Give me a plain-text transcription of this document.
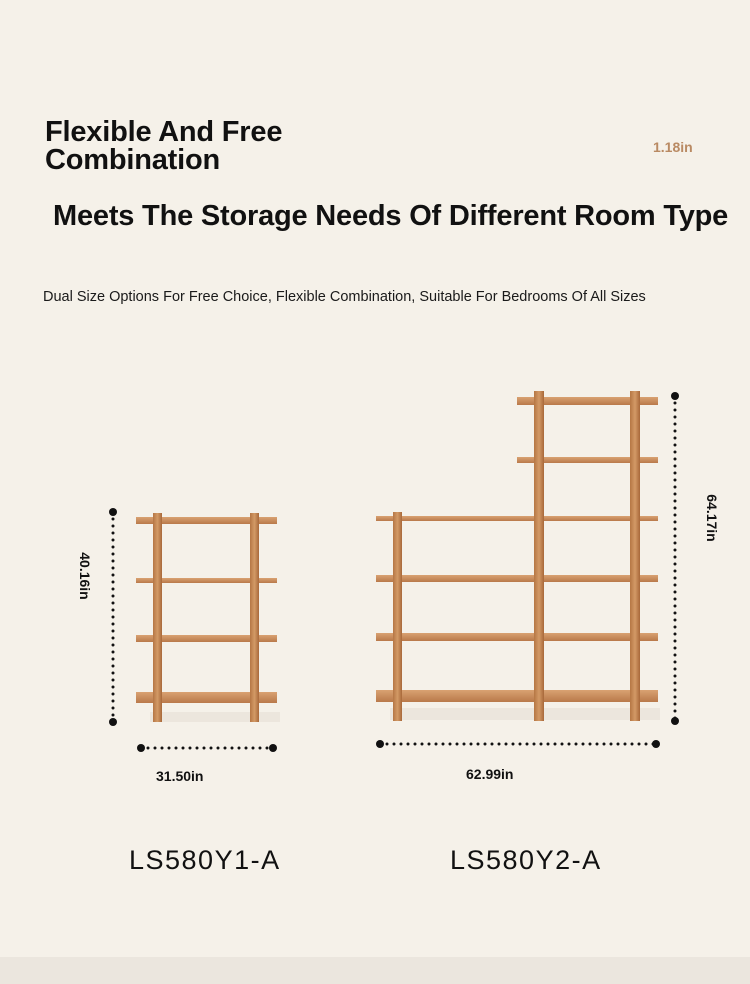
Flexible And Free
Combination	1.18in
Meets The Storage Needs Of Different Room Type
Dual Size Options For Free Choice, Flexible Combination, Suitable For Bedrooms Of All Sizes
40.16in
31.50in
64.17in
62.99in
LS580Y1-A	LS580Y2-A
